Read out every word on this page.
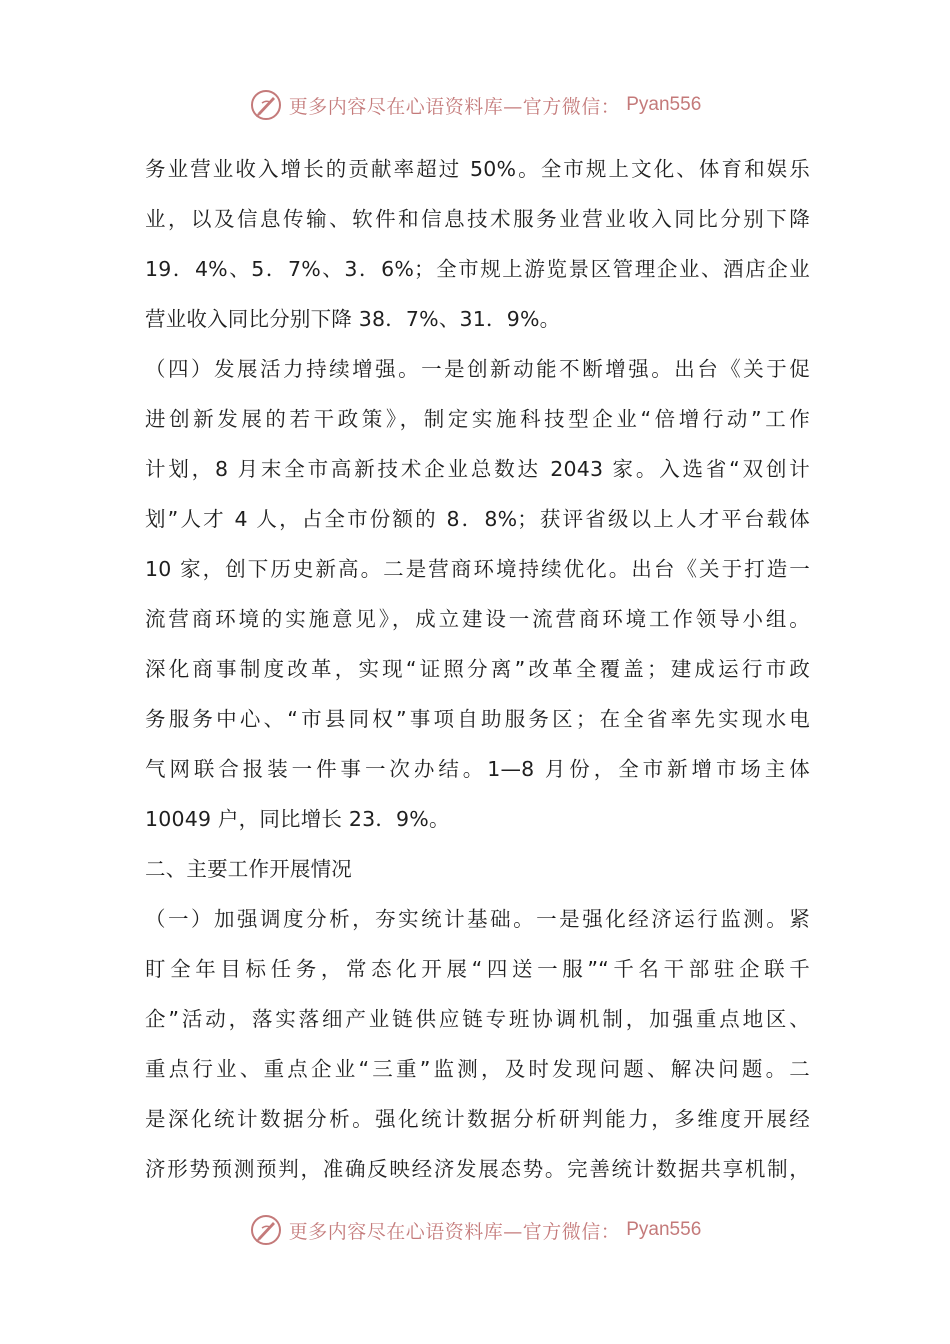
更多内容尽在心语资料库—官方微信： Pyan556
务业营业收入增长的贡献率超过 50%。全市规上文化、体育和娱乐
业，以及信息传输、软件和信息技术服务业营业收入同比分别下降
19．4%、5．7%、3．6%；全市规上游览景区管理企业、酒店企业
营业收入同比分别下降 38．7%、31．9%。
（四）发展活力持续增强。一是创新动能不断增强。出台《关于促
进创新发展的若干政策》，制定实施科技型企业“倍增行动”工作
计划，8 月末全市高新技术企业总数达 2043 家。入选省“双创计
划”人才 4 人，占全市份额的 8．8%；获评省级以上人才平台载体
10 家，创下历史新高。二是营商环境持续优化。出台《关于打造一
流营商环境的实施意见》，成立建设一流营商环境工作领导小组。
深化商事制度改革，实现“证照分离”改革全覆盖；建成运行市政
务服务中心、“市县同权”事项自助服务区；在全省率先实现水电
气网联合报装一件事一次办结。1—8 月份，全市新增市场主体
10049 户，同比增长 23．9%。
二、主要工作开展情况
（一）加强调度分析，夯实统计基础。一是强化经济运行监测。紧
盯全年目标任务，常态化开展“四送一服”“千名干部驻企联千
企”活动，落实落细产业链供应链专班协调机制，加强重点地区、
重点行业、重点企业“三重”监测，及时发现问题、解决问题。二
是深化统计数据分析。强化统计数据分析研判能力，多维度开展经
济形势预测预判，准确反映经济发展态势。完善统计数据共享机制，
更多内容尽在心语资料库—官方微信： Pyan556
